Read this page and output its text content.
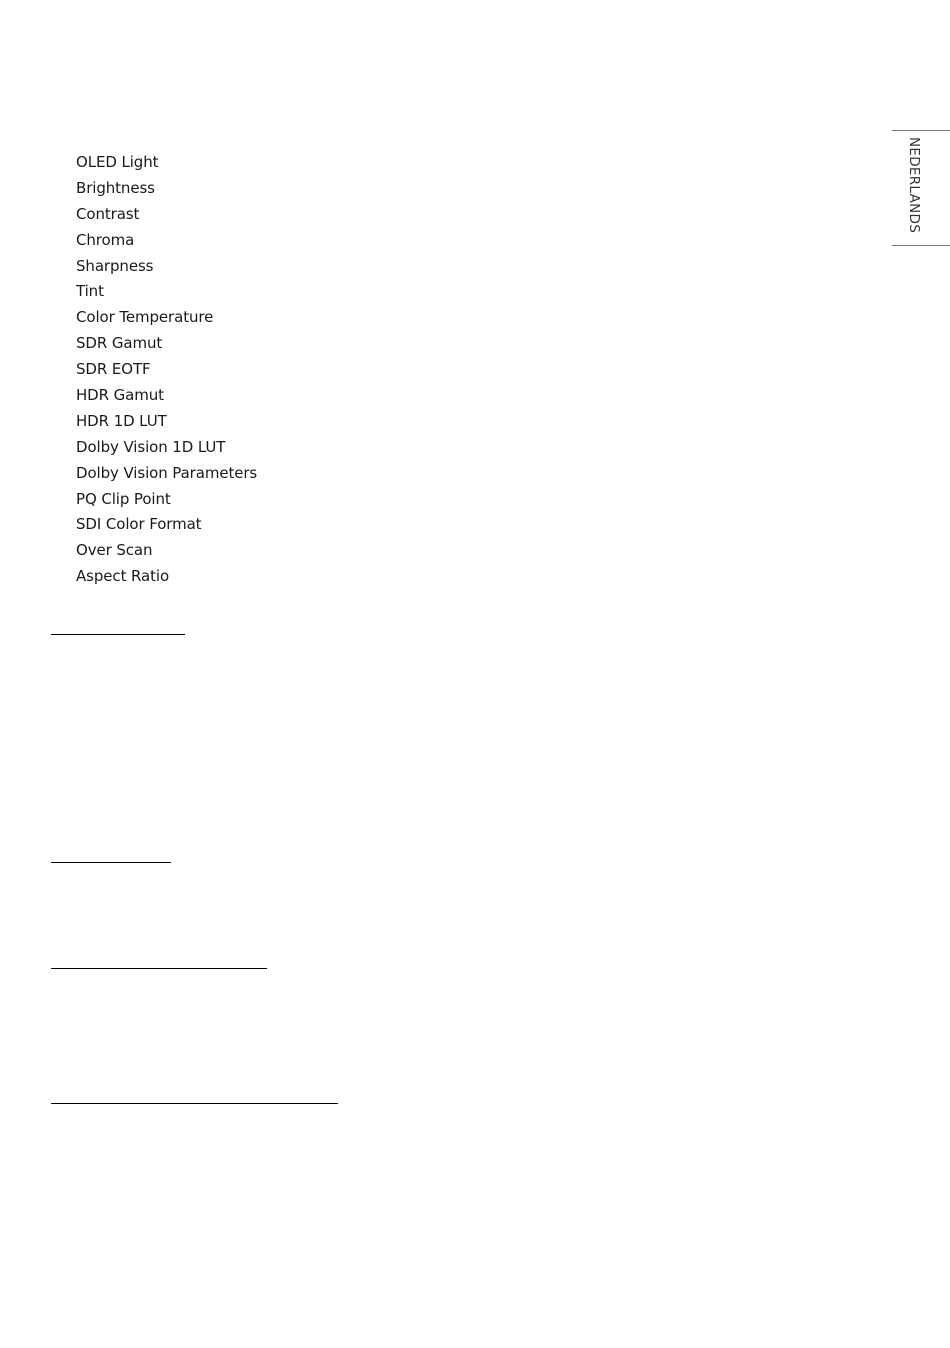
OLED Light
Brightness
Contrast
Chroma
Sharpness
Tint
Color Temperature
SDR Gamut
SDR EOTF
HDR Gamut
HDR 1D LUT
Dolby Vision 1D LUT
Dolby Vision Parameters
PQ Clip Point
SDI Color Format
Over Scan
Aspect Ratio
NEDERLANDS
